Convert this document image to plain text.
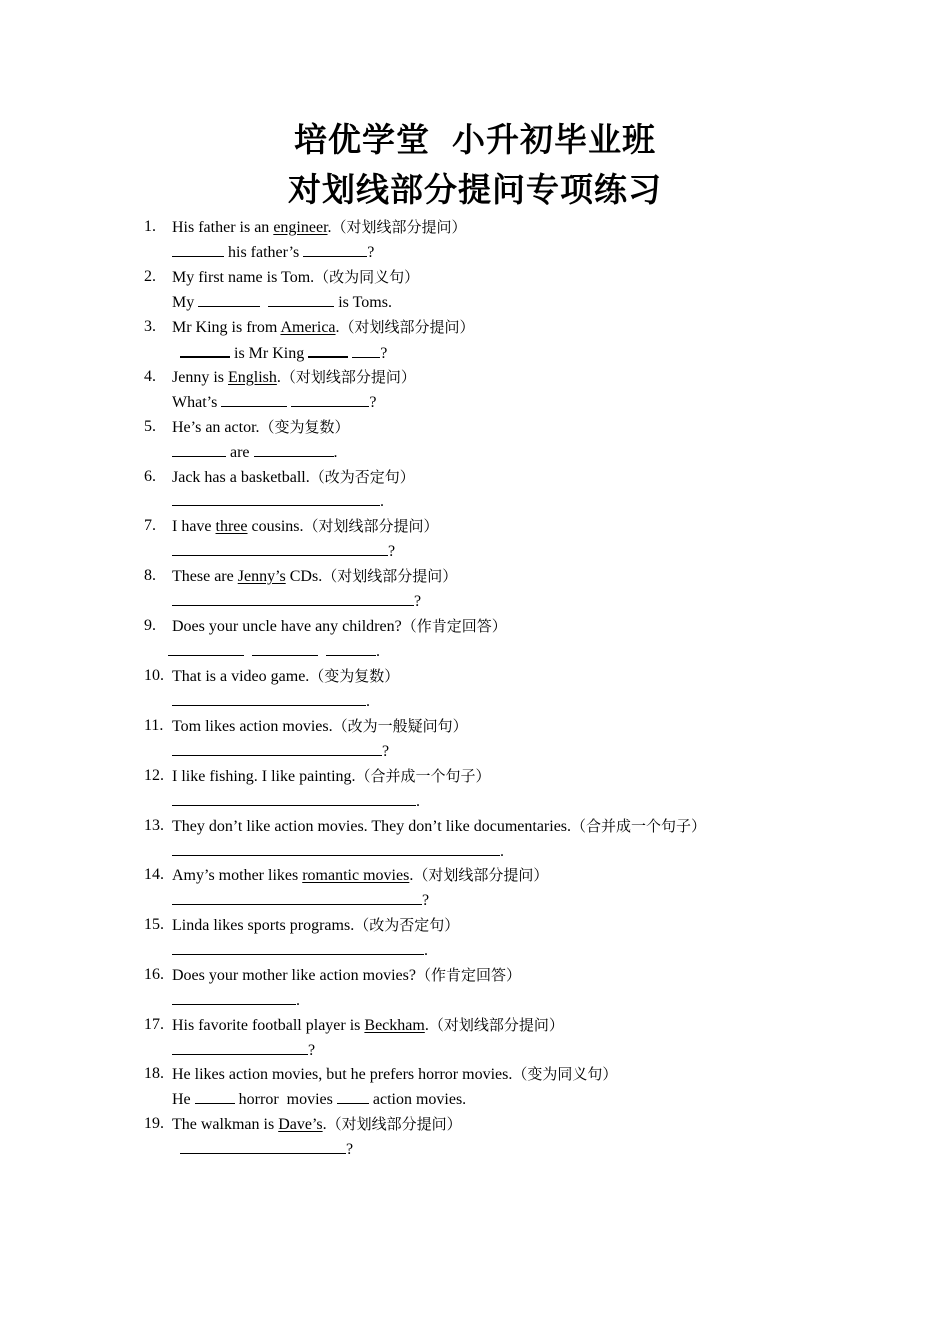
培优学堂 小升初毕业班
对划线部分提问专项练习
1.	His father is an engineer.（对划线部分提问）
2.	My first name is Tom.（改为同义句）
3.	Mr King is from America.（对划线部分提问）
4.	Jenny is English.（对划线部分提问）
5.	He’s an actor.（变为复数）
6.	Jack has a basketball.（改为否定句）
7.	I have three cousins.（对划线部分提问）
8.	These are Jenny’s CDs.（对划线部分提问）
9.	Does your uncle have any children?（作肯定回答）
10. That is a video game.（变为复数）
11. Tom likes action movies.（改为一般疑问句）
12. I like fishing. I like painting.（合并成一个句子）
13. They don’t like action movies. They don’t like documentaries.（合并成一个句子）
14. Amy’s mother likes romantic movies.（对划线部分提问）
15. Linda likes sports programs.（改为否定句）
16. Does your mother like action movies?（作肯定回答）
17. His favorite football player is Beckham.（对划线部分提问）
18. He likes action movies, but he prefers horror movies.（变为同义句）
19. The walkman is Dave’s.（对划线部分提问）
his father’s	?
My	is Toms.
is Mr King	?
What’s	?
are	.
.
?
?
.
.
?
.
.
?
.
.
?
He	horror  movies  action movies.
?
